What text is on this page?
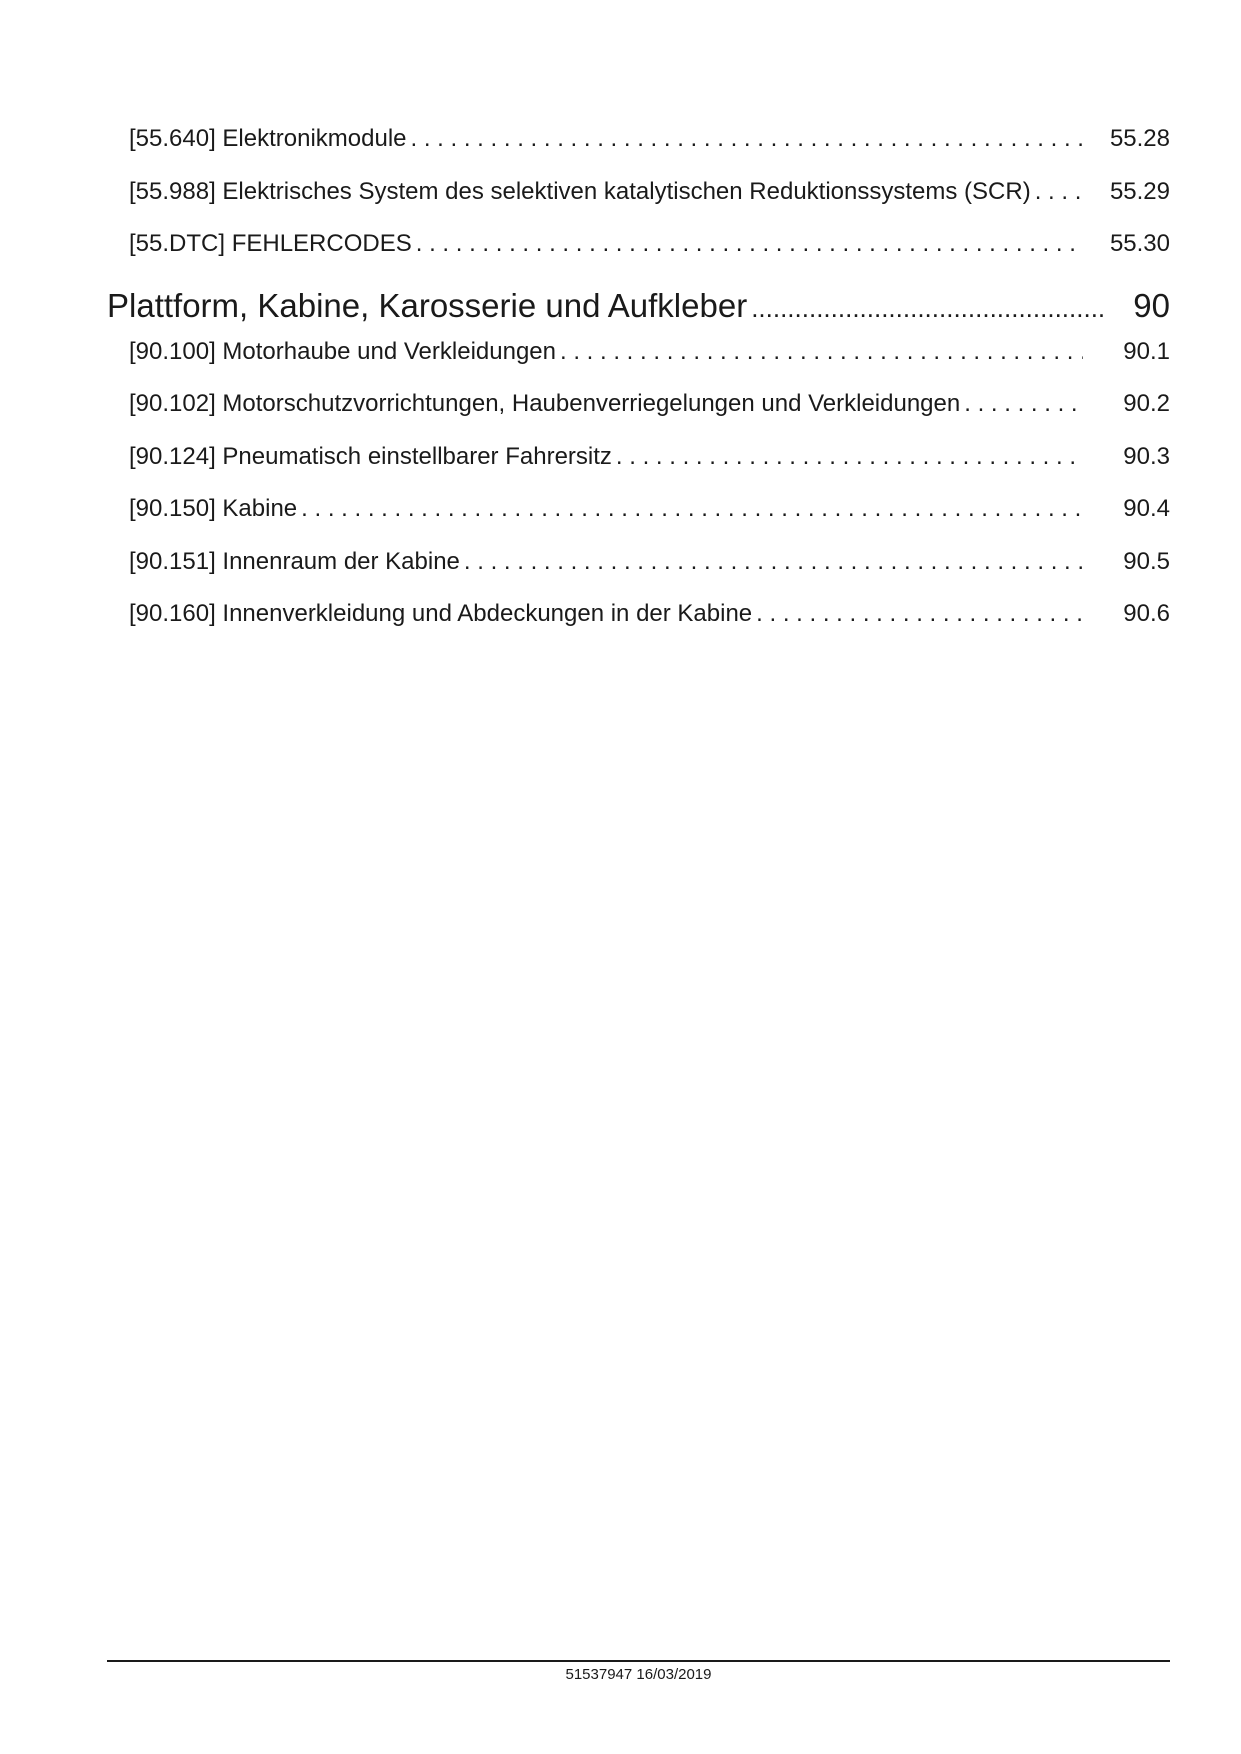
[55.640] Elektronikmodule . . .	55.28
[55.988] Elektrisches System des selektiven katalytischen Reduktionssystems (SCR) . . .	55.29
[55.DTC] FEHLERCODES . . .	55.30
Plattform, Kabine, Karosserie und Aufkleber .....	90
[90.100] Motorhaube und Verkleidungen . . .	90.1
[90.102] Motorschutzvorrichtungen, Haubenverriegelungen und Verkleidungen . . .	90.2
[90.124] Pneumatisch einstellbarer Fahrersitz . . .	90.3
[90.150] Kabine . . .	90.4
[90.151] Innenraum der Kabine . . .	90.5
[90.160] Innenverkleidung und Abdeckungen in der Kabine . . .	90.6
51537947 16/03/2019
